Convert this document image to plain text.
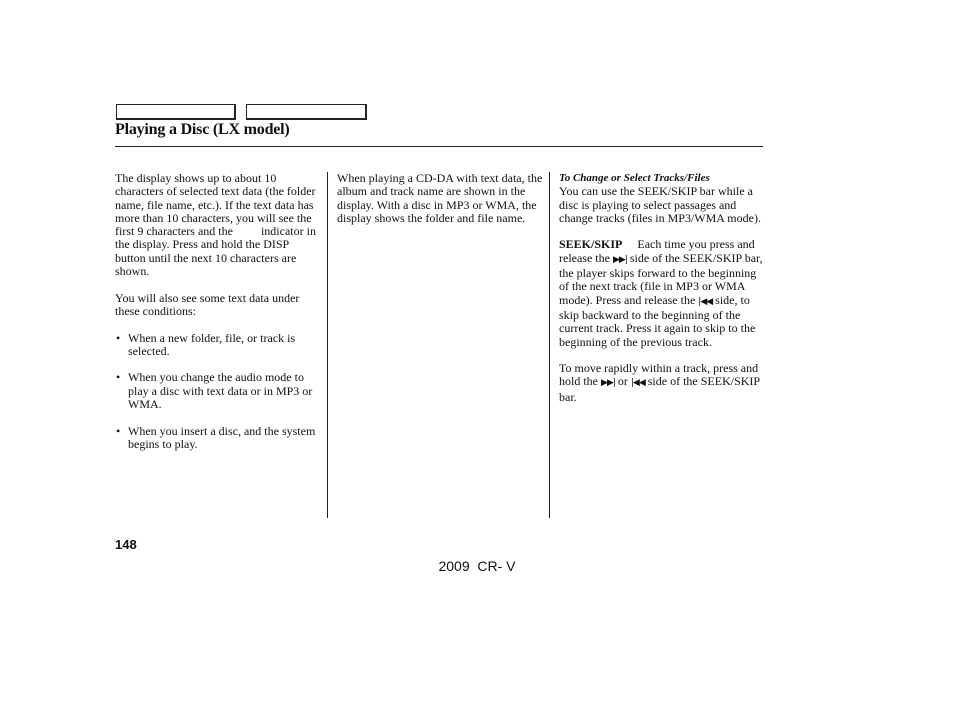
Playing a Disc (LX model)

The display shows up to about 10 characters of selected text data (the folder name, file name, etc.). If the text data has more than 10 characters, you will see the first 9 characters and the indicator in the display. Press and hold the DISP button until the next 10 characters are shown.

You will also see some text data under these conditions:

• When a new folder, file, or track is selected.
• When you change the audio mode to play a disc with text data or in MP3 or WMA.
• When you insert a disc, and the system begins to play.

When playing a CD-DA with text data, the album and track name are shown in the display. With a disc in MP3 or WMA, the display shows the folder and file name.

To Change or Select Tracks/Files

You can use the SEEK/SKIP bar while a disc is playing to select passages and change tracks (files in MP3/WMA mode).

SEEK/SKIP Each time you press and release the ▶▶| side of the SEEK/SKIP bar, the player skips forward to the beginning of the next track (file in MP3 or WMA mode). Press and release the |◀◀ side, to skip backward to the beginning of the current track. Press it again to skip to the beginning of the previous track.

To move rapidly within a track, press and hold the ▶▶| or |◀◀ side of the SEEK/SKIP bar.

148
2009  CR- V
